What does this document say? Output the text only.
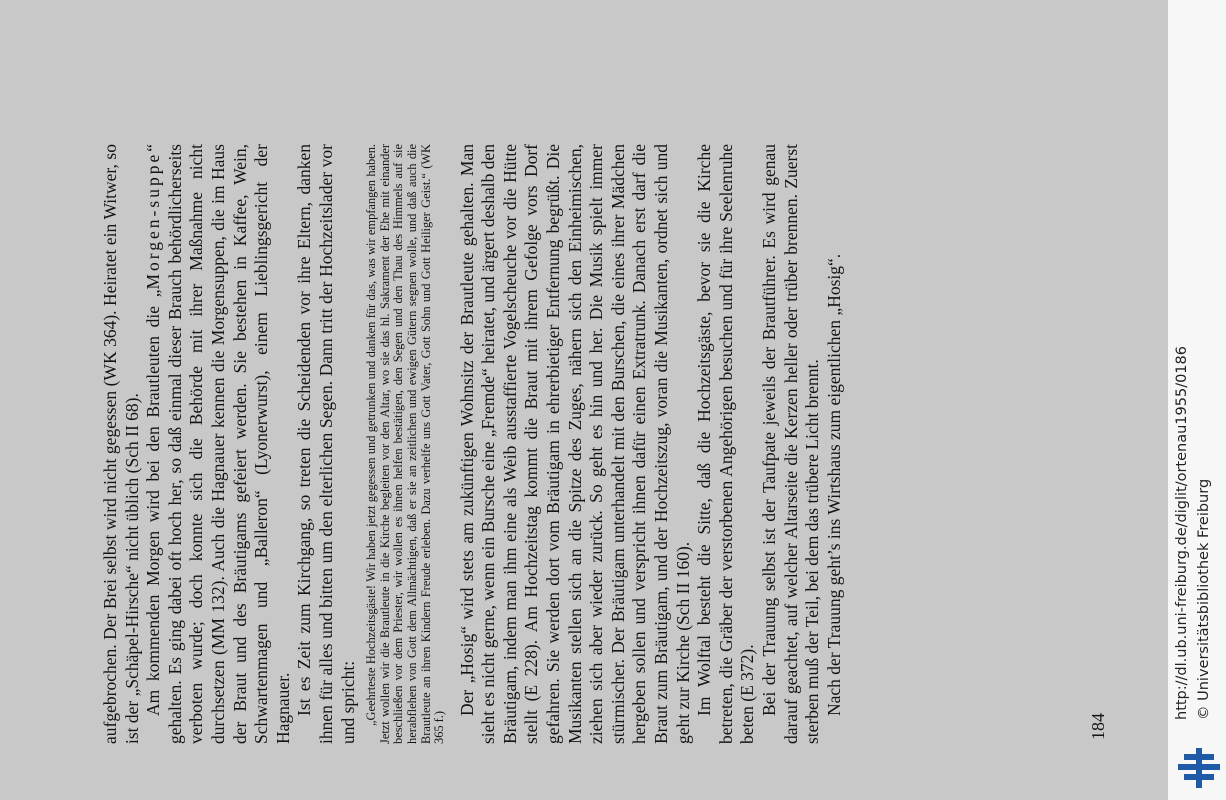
aufgebrochen. Der Brei selbst wird nicht gegessen (WK 364). Heiratet ein Witwer, so ist der „Schäpel-Hirsche“ nicht üblich (Sch II 68). Am kommenden Morgen wird bei den Brautleuten die „Morgen-suppe“ gehalten. Es ging dabei oft hoch her, so daß einmal dieser Brauch behördlicherseits verboten wurde; doch konnte sich die Behörde mit ihrer Maßnahme nicht durchsetzen (MM 132). Auch die Hagnauer kennen die Morgensuppen, die im Haus der Braut und des Bräutigams gefeiert werden. Sie bestehen in Kaffee, Wein, Schwartenmagen und „Balleron“ (Lyonerwurst), einem Lieblingsgericht der Hagnauer. Ist es Zeit zum Kirchgang, so treten die Scheidenden vor ihre Eltern, danken ihnen für alles und bitten um den elterlichen Segen. Dann tritt der Hochzeitslader vor und spricht: „Geehrteste Hochzeitsgäste! Wir haben jetzt gegessen und getrunken und danken für das, was wir empfangen haben. Jetzt wollen wir die Brautleute in die Kirche begleiten vor den Altar, wo sie das hl. Sakrament der Ehe mit einander beschließen vor dem Priester, wir wollen es ihnen helfen bestätigen, den Segen und den Thau des Himmels auf sie herabflehen von Gott dem Allmächtigen, daß er sie an zeitlichen und ewigen Gütern segnen wolle, und daß auch die Brautleute an ihren Kindern Freude erleben. Dazu verhelfe uns Gott Vater, Gott Sohn und Gott Heiliger Geist.“ (WK 365 f.)

Der „Hosig“ wird stets am zukünftigen Wohnsitz der Brautleute gehalten. Man sieht es nicht gerne, wenn ein Bursche eine „Fremde“ heiratet, und ärgert deshalb den Bräutigam, indem man ihm eine als Weib ausstaffierte Vogelscheuche vor die Hütte stellt (E 228). Am Hochzeitstag kommt die Braut mit ihrem Gefolge vors Dorf gefahren. Sie werden dort vom Bräutigam in ehrerbietiger Entfernung begrüßt. Die Musikanten stellen sich an die Spitze des Zuges, nähern sich den Einheimischen, ziehen sich aber wieder zurück. So geht es hin und her. Die Musik spielt immer stürmischer. Der Bräutigam unterhandelt mit den Burschen, die eines ihrer Mädchen hergeben sollen und verspricht ihnen dafür einen Extratrunk. Danach erst darf die Braut zum Bräutigam, und der Hochzeitszug, voran die Musikanten, ordnet sich und geht zur Kirche (Sch II 160). Im Wolftal besteht die Sitte, daß die Hochzeitsgäste, bevor sie die Kirche betreten, die Gräber der verstorbenen Angehörigen besuchen und für ihre Seelenruhe beten (E 372). Bei der Trauung selbst ist der Taufpate jeweils der Brautführer. Es wird genau darauf geachtet, auf welcher Altarseite die Kerzen heller oder trüber brennen. Zuerst sterben muß der Teil, bei dem das trübere Licht brennt. Nach der Trauung geht’s ins Wirtshaus zum eigentlichen „Hosig“.

184
http://dl.ub.uni-freiburg.de/diglit/ortenau1955/0186 © Universitätsbibliothek Freiburg
